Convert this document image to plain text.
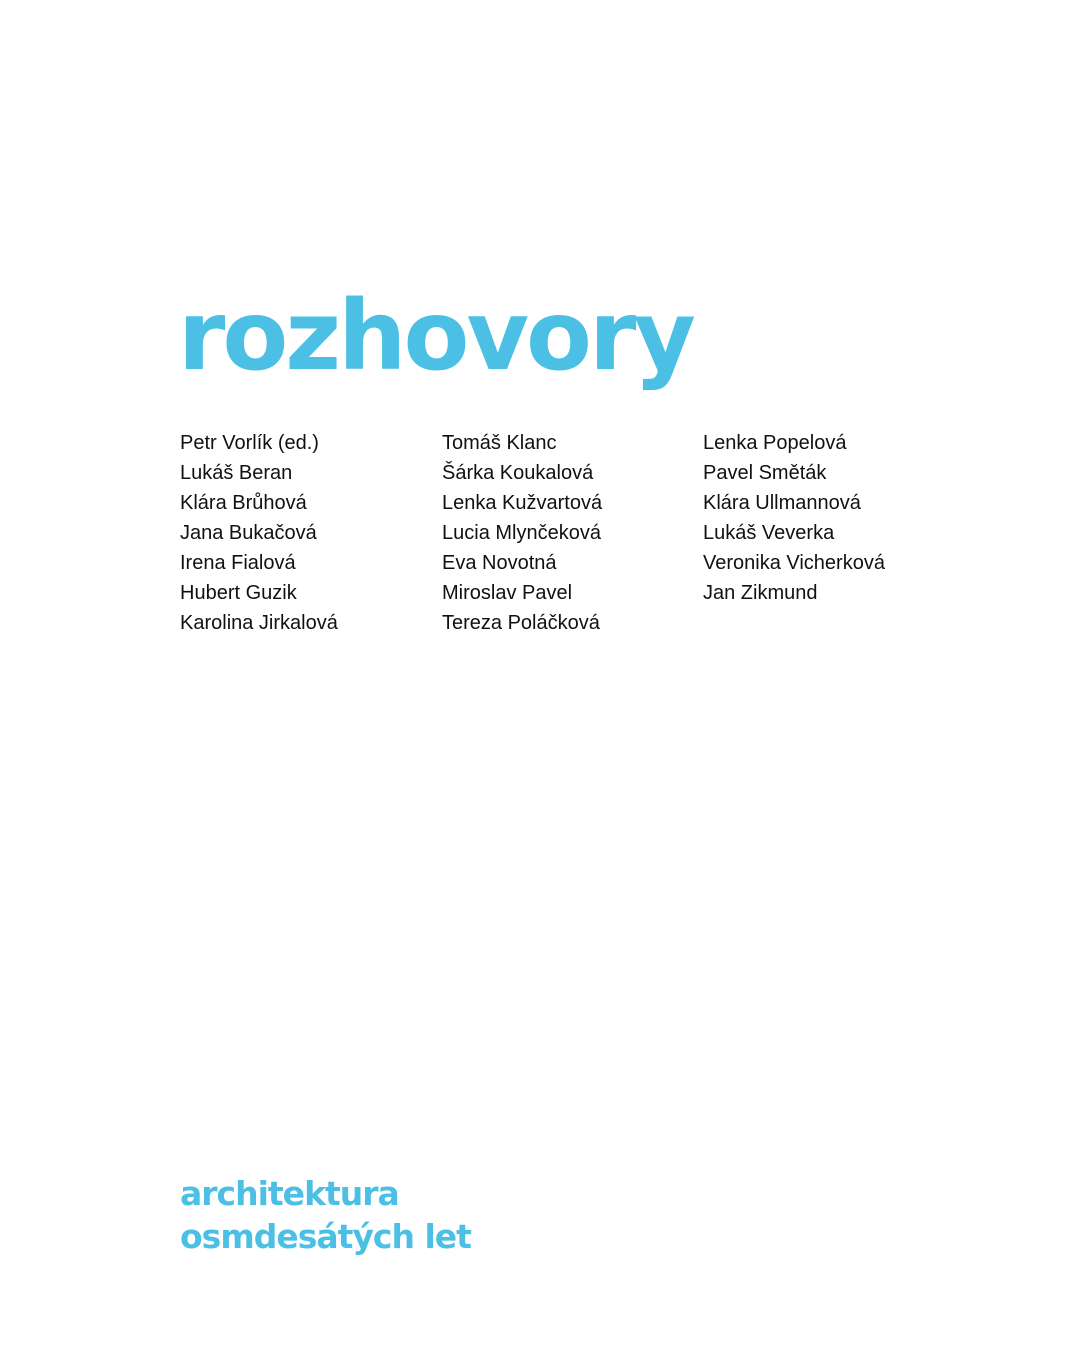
rozhovory
Petr Vorlík (ed.)
Lukáš Beran
Klára Brůhová
Jana Bukačová
Irena Fialová
Hubert Guzik
Karolina Jirkalová
Tomáš Klanc
Šárka Koukalová
Lenka Kužvartová
Lucia Mlynčeková
Eva Novotná
Miroslav Pavel
Tereza Poláčková
Lenka Popelová
Pavel Směták
Klára Ullmannová
Lukáš Veverka
Veronika Vicherková
Jan Zikmund
architektura
osmdesátých let
